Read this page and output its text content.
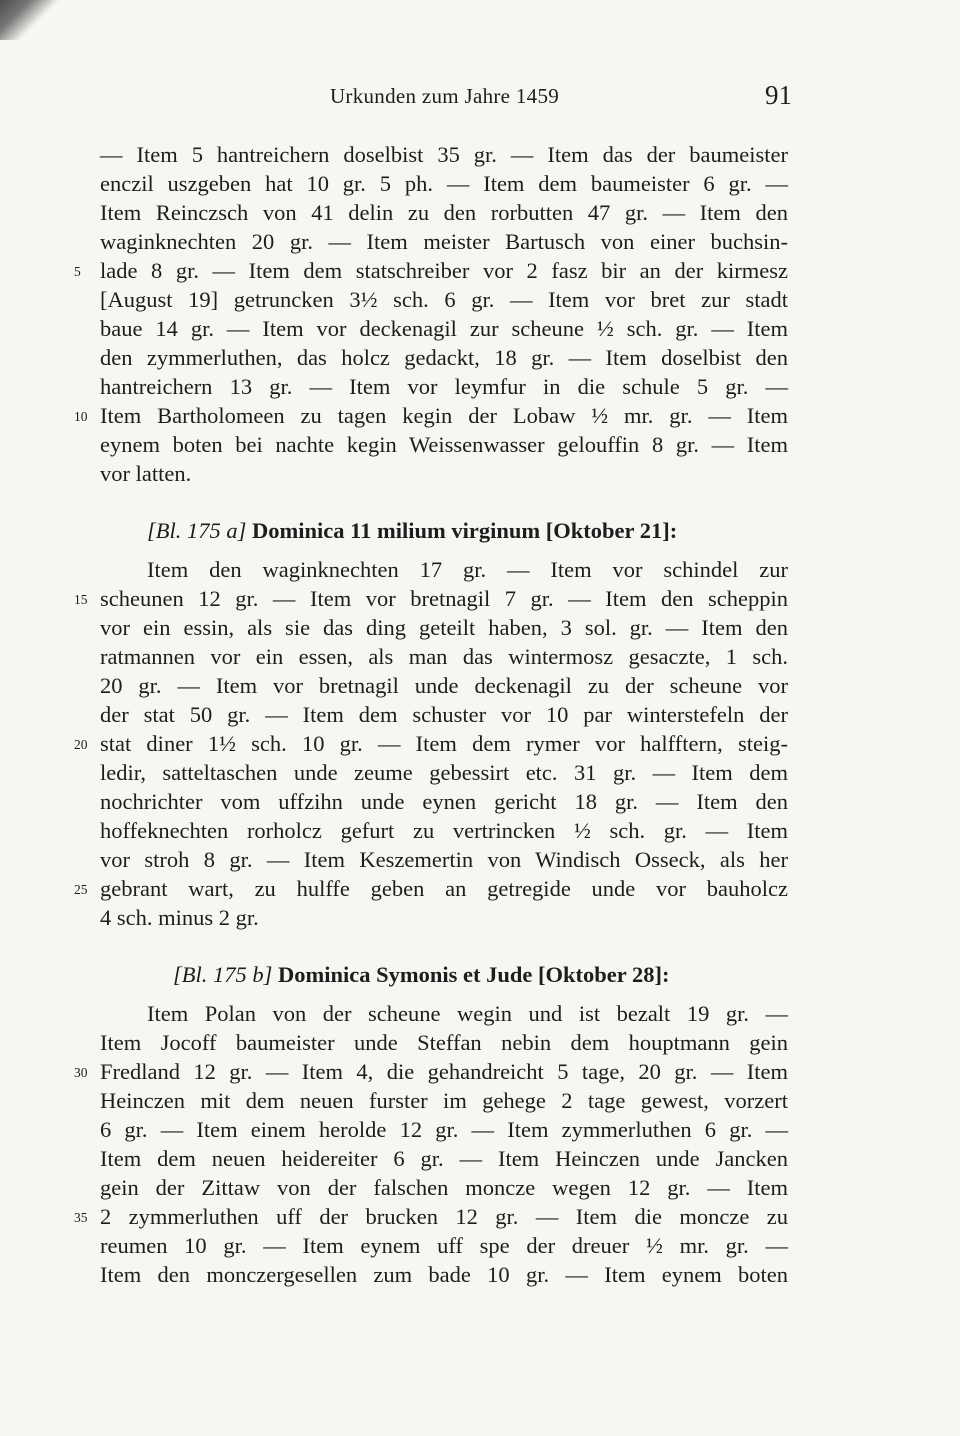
Urkunden zum Jahre 1459	91
— Item 5 hantreichern doselbist 35 gr. — Item das der baumeister
enczil uszgeben hat 10 gr. 5 ph. — Item dem baumeister 6 gr. —
Item Reinczsch von 41 delin zu den rorbutten 47 gr. — Item den
waginknechten 20 gr. — Item meister Bartusch von einer buchsin-
5 lade 8 gr. — Item dem statschreiber vor 2 fasz bir an der kirmesz
[August 19] getruncken 3½ sch. 6 gr. — Item vor bret zur stadt
baue 14 gr. — Item vor deckenagil zur scheune ½ sch. gr. — Item
den zymmerluthen, das holcz gedackt, 18 gr. — Item doselbist den
hantreichern 13 gr. — Item vor leymfur in die schule 5 gr. —
10 Item Bartholomeen zu tagen kegin der Lobaw ½ mr. gr. — Item
eynem boten bei nachte kegin Weissenwasser gelouffin 8 gr. — Item
vor latten.
[Bl. 175 a] Dominica 11 milium virginum [Oktober 21]:
Item den waginknechten 17 gr. — Item vor schindel zur
15 scheunen 12 gr. — Item vor bretnagil 7 gr. — Item den scheppin
vor ein essin, als sie das ding geteilt haben, 3 sol. gr. — Item den
ratmannen vor ein essen, als man das wintermosz gesaczte, 1 sch.
20 gr. — Item vor bretnagil unde deckenagil zu der scheune vor
der stat 50 gr. — Item dem schuster vor 10 par winterstefeln der
20 stat diner 1½ sch. 10 gr. — Item dem rymer vor halfftern, steig-
ledir, satteltaschen unde zeume gebessirt etc. 31 gr. — Item dem
nochrichter vom uffzihn unde eynen gericht 18 gr. — Item den
hoffeknechten rorholcz gefurt zu vertrincken ½ sch. gr. — Item
vor stroh 8 gr. — Item Keszemertin von Windisch Osseck, als her
25 gebrant wart, zu hulffe geben an getregide unde vor bauholcz
4 sch. minus 2 gr.
[Bl. 175 b] Dominica Symonis et Jude [Oktober 28]:
Item Polan von der scheune wegin und ist bezalt 19 gr. —
Item Jocoff baumeister unde Steffan nebin dem houptmann gein
30 Fredland 12 gr. — Item 4, die gehandreicht 5 tage, 20 gr. — Item
Heinczen mit dem neuen furster im gehege 2 tage gewest, vorzert
6 gr. — Item einem herolde 12 gr. — Item zymmerluthen 6 gr. —
Item dem neuen heidereiter 6 gr. — Item Heinczen unde Jancken
gein der Zittaw von der falschen moncze wegen 12 gr. — Item
35 2 zymmerluthen uff der brucken 12 gr. — Item die moncze zu
reumen 10 gr. — Item eynem uff spe der dreuer ½ mr. gr. —
Item den monczergesellen zum bade 10 gr. — Item eynem boten
